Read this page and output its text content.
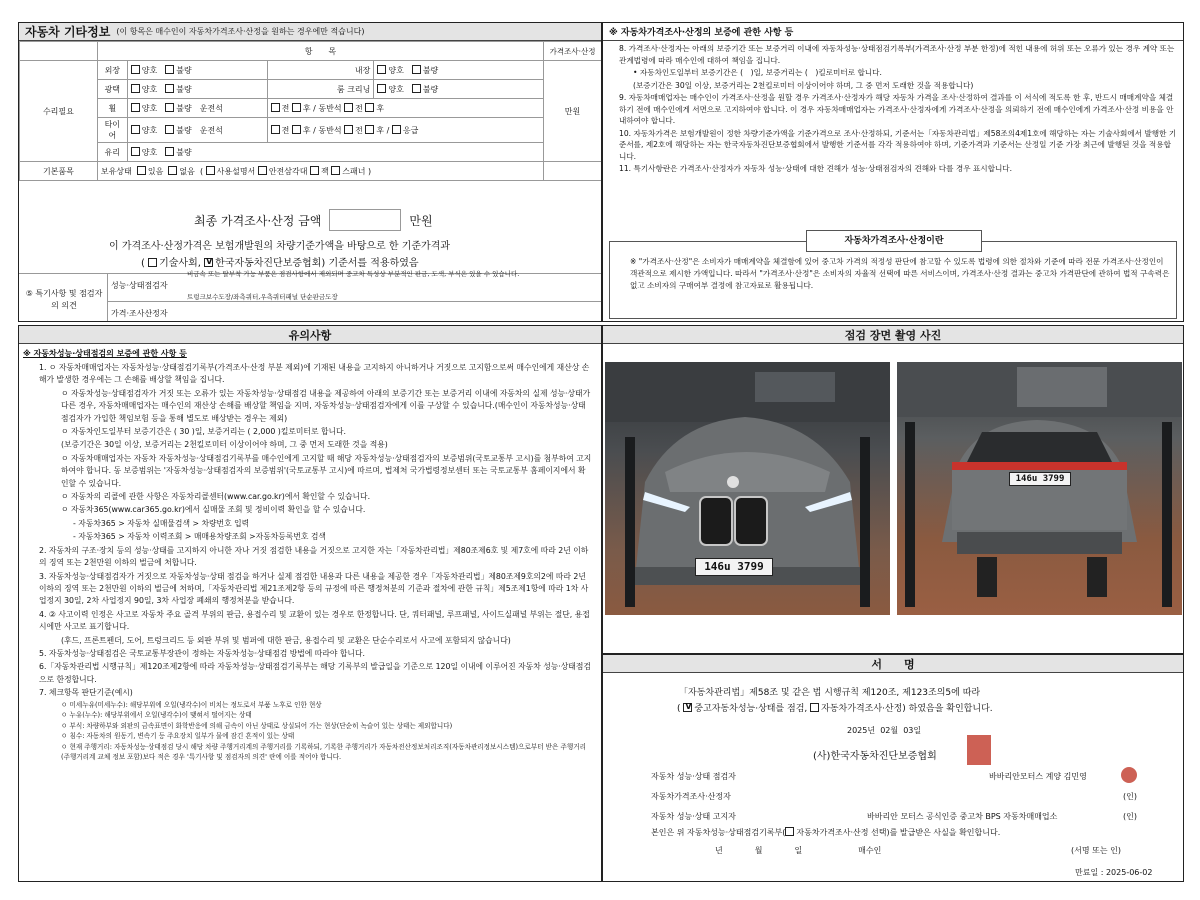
자동차 기타정보 (이 항목은 매수인이 자동차가격조사·산정을 원하는 경우에만 적습니다)
	항　　목				가격조사·산정
수리필요	외장	양호 불량	내장	양호 불량	만원
	광택	양호 불량	룸 크리닝	양호 불량	
	휠	양호 불량 운전석	전 후 / 동반석 전 후		
	타이어	양호 불량 운전석	전 후 / 동반석 전 후 / 응급		
	유리	양호 불량			
기본품목	보유상태 있음 없음  ( 사용설명서 안전삼각대 잭 스패너 )				
최종 가격조사·산정 금액	만원
이 가격조사·산정가격은 보험개발원의 차량기준가액을 바탕으로 한 기준가격과
( 기술사회, V한국자동차진단보증협회) 기준서를 적용하였음
⑤ 특기사항 및 점검자의 의견
성능·상태점검자
비금속 또는 탈부착 가능 부품은 점검사항에서 제외되며 중고차 특성상 부분적인 판금, 도색, 부식은 있을 수 있습니다.
트렁크보수도장/좌측쿼터,우측쿼터패널 단순판금도장
가격·조사산정자
※ 자동차가격조사·산정의 보증에 관한 사항 등

8. 가격조사·산정자는 아래의 보증기간 또는 보증거리 이내에 자동차성능·상태점검기록부(가격조사·산정 부분 한정)에 적힌 내용에 허위 또는 오류가 있는 경우 계약 또는 관계법령에 따라 매수인에 대하여 책임을 집니다.

• 자동차인도일부터 보증기간은 (　)일, 보증거리는 (　)킬로미터로 합니다.

(보증기간은 30일 이상, 보증거리는 2천킬로미터 이상이어야 하며, 그 중 먼저 도래한 것을 적용합니다)

9. 자동차매매업자는 매수인이 가격조사·산정을 원할 경우 가격조사·산정자가 해당 자동차 가격을 조사·산정하여 결과를 이 서식에 적도록 한 후, 반드시 매매계약을 체결하기 전에 매수인에게 서면으로 고지하여야 합니다. 이 경우 자동차매매업자는 가격조사·산정자에게 가격조사·산정을 의뢰하기 전에 매수인에게 가격조사·산정 비용을 안내하여야 합니다.

10. 자동차가격은 보험개발원이 정한 차량기준가액을 기준가격으로 조사·산정하되, 기준서는「자동차관리법」제58조의4제1호에 해당하는 자는 기술사회에서 발행한 기준서를, 제2호에 해당하는 자는 한국자동차진단보증협회에서 발행한 기준서를 각각 적용하여야 하며, 기준가격과 기준서는 산정일 기준 가장 최근에 발행된 것을 적용합니다.

11. 특기사항란은 가격조사·산정자가 자동차 성능·상태에 대한 견해가 성능·상태점검자의 견해와 다를 경우 표시합니다.

자동차가격조사·산정이란
※ "가격조사·산정"은 소비자가 매매계약을 체결함에 있어 중고차 가격의 적정성 판단에 참고할 수 있도록 법령에 의한 절차와 기준에 따라 전문 가격조사·산정인이 객관적으로 제시한 가액입니다. 따라서 "가격조사·산정"은 소비자의 자율적 선택에 따른 서비스이며, 가격조사·산정 결과는 중고차 가격판단에 관하여 법적 구속력은 없고 소비자의 구매여부 결정에 참고자료로 활용됩니다.
유의사항
※ 자동차성능·상태점검의 보증에 관한 사항 등

1. ㅇ 자동차매매업자는 자동차성능·상태점검기록부(가격조사·산정 부분 제외)에 기재된 내용을 고지하지 아니하거나 거짓으로 고지함으로써 매수인에게 재산상 손해가 발생한 경우에는 그 손해를 배상할 책임을 집니다.

ㅇ 자동차성능·상태점검자가 거짓 또는 오류가 있는 자동차성능·상태점검 내용을 제공하여 아래의 보증기간 또는 보증거리 이내에 자동차의 실제 성능·상태가 다른 경우, 자동차매매업자는 매수인의 재산상 손해를 배상할 책임을 지며, 자동차성능·상태점검자에게 이를 구상할 수 있습니다.(매수인이 자동차성능·상태점검자가 가입한 책임보험 등을 통해 별도로 배상받는 경우는 제외)

ㅇ 자동차인도일부터 보증기간은 ( 30 )일, 보증거리는 ( 2,000 )킬로미터로 합니다.

(보증기간은 30일 이상, 보증거리는 2천킬로미터 이상이어야 하며, 그 중 먼저 도래한 것을 적용)

ㅇ 자동차매매업자는 자동차 자동차성능·상태점검기록부를 매수인에게 고지할 때 해당 자동차성능·상태점검자의 보증범위(국토교통부 고시)를 첨부하여 고지하여야 합니다. 동 보증범위는 '자동차성능·상태점검자의 보증범위'(국토교통부 고시)에 따르며, 법제처 국가법령정보센터 또는 국토교통부 홈페이지에서 확인할 수 있습니다.

ㅇ 자동차의 리콜에 관한 사항은 자동차리콜센터(www.car.go.kr)에서 확인할 수 있습니다.

ㅇ 자동차365(www.car365.go.kr)에서 실매물 조회 및 정비이력 확인을 할 수 있습니다.

- 자동차365 > 자동차 실매물검색 > 차량번호 입력

- 자동차365 > 자동차 이력조회 > 매매용차량조회 >자동차등록번호 검색

2. 자동차의 구조·장치 등의 성능·상태를 고지하지 아니한 자나 거짓 점검한 내용을 거짓으로 고지한 자는「자동차관리법」제80조제6호 및 제7호에 따라 2년 이하의 징역 또는 2천만원 이하의 벌금에 처합니다.

3. 자동차성능·상태점검자가 거짓으로 자동차성능·상태 점검을 하거나 실제 점검한 내용과 다른 내용을 제공한 경우「자동차관리법」제80조제9호의2에 따라 2년 이하의 징역 또는 2천만원 이하의 벌금에 처하며,「자동차관리법 제21조제2항 등의 규정에 따른 행정처분의 기준과 절차에 관한 규칙」제5조제1항에 따라 1차 사업정지 30일, 2차 사업정지 90일, 3차 사업장 폐쇄의 행정처분을 받습니다.

4. ② 사고이력 인정은 사고로 자동차 주요 골격 부위의 판금, 용접수리 및 교환이 있는 경우로 한정합니다. 단, 쿼터패널, 루프패널, 사이드실패널 부위는 절단, 용접 시에만 사고로 표기합니다.

(후드, 프론트펜더, 도어, 트렁크리드 등 외판 부위 및 범퍼에 대한 판금, 용접수리 및 교환은 단순수리로서 사고에 포함되지 않습니다)

5. 자동차성능·상태점검은 국토교통부장관이 정하는 자동차성능·상태점검 방법에 따라야 합니다.

6.「자동차관리법 시행규칙」제120조제2항에 따라 자동차성능·상태점검기록부는 해당 기록부의 발급일을 기준으로 120일 이내에 이루어진 자동차 성능·상태점검으로 한정합니다.

7. 체크항목 판단기준(예시)

ㅇ 미세누유(미세누수): 해당부위에 오일(냉각수)이 비치는 정도로서 부품 노후로 인한 현상

ㅇ 누유(누수): 해당부위에서 오일(냉각수)이 맺혀서 떨어지는 상태

ㅇ 부식: 차량하부와 외판의 금속표면이 화학반응에 의해 금속이 아닌 상태로 상실되어 가는 현상(단순히 녹슬어 있는 상태는 제외합니다)

ㅇ 침수: 자동차의 원동기, 변속기 등 주요장치 일부가 물에 잠긴 흔적이 있는 상태

ㅇ 현재 주행거리: 자동차성능·상태점검 당시 해당 차량 주행거리계의 주행거리를 기록하되, 기록한 주행거리가 자동차전산정보처리조직(자동차관리정보시스템)으로부터 받은 주행거리(주행거리계 교체 정보 포함)보다 적은 경우 '특기사항 및 점검자의 의견' 란에 이를 적어야 합니다.

점검 장면 촬영 사진
146u 3799
146u 3799
서　　명
「자동차관리법」제58조 및 같은 법 시행규칙 제120조, 제123조의5에 따라
( V중고자동차성능·상태를 점검, 자동차가격조사·산정) 하였음을 확인합니다.
2025년 02월 03일
(사)한국자동차진단보증협회
자동차 성능·상태 점검자	바바리안모터스 계양 김민영
자동차가격조사·산정자	(인)
자동차 성능·상태 고지자	바바리안 모터스 공식인증 중고차 BPS 자동차매매업소	(인)
본인은 위 자동차성능·상태점검기록부( 자동차가격조사·산정 선택)를 발급받은 사실을 확인합니다.
년　　　　월　　　　일　　　　　　　매수인	(서명 또는 인)
만료일 : 2025-06-02
